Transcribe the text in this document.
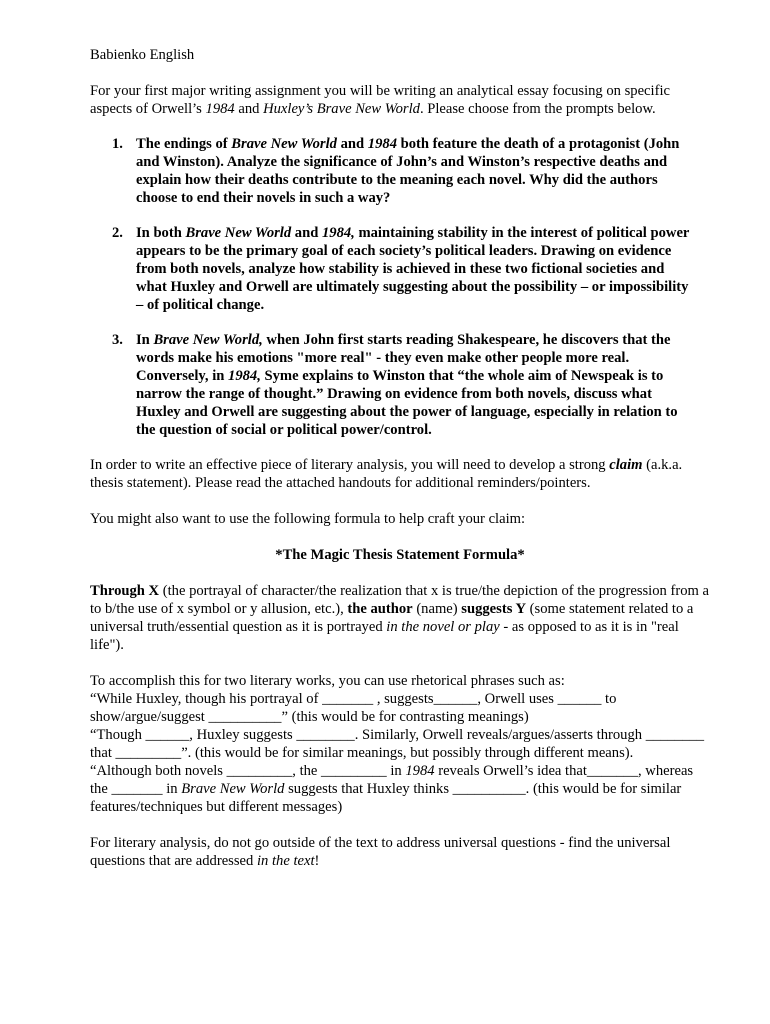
Babienko English

For your first major writing assignment you will be writing an analytical essay focusing on specific aspects of Orwell’s 1984 and Huxley’s Brave New World. Please choose from the prompts below.

1. The endings of Brave New World and 1984 both feature the death of a protagonist (John and Winston). Analyze the significance of John’s and Winston’s respective deaths and explain how their deaths contribute to the meaning each novel. Why did the authors choose to end their novels in such a way?
2. In both Brave New World and 1984, maintaining stability in the interest of political power appears to be the primary goal of each society’s political leaders. Drawing on evidence from both novels, analyze how stability is achieved in these two fictional societies and what Huxley and Orwell are ultimately suggesting about the possibility – or impossibility – of political change.
3. In Brave New World, when John first starts reading Shakespeare, he discovers that the words make his emotions "more real" - they even make other people more real. Conversely, in 1984, Syme explains to Winston that “the whole aim of Newspeak is to narrow the range of thought.” Drawing on evidence from both novels, discuss what Huxley and Orwell are suggesting about the power of language, especially in relation to the question of social or political power/control.

In order to write an effective piece of literary analysis, you will need to develop a strong claim (a.k.a. thesis statement). Please read the attached handouts for additional reminders/pointers.

You might also want to use the following formula to help craft your claim:

*The Magic Thesis Statement Formula*

Through X (the portrayal of character/the realization that x is true/the depiction of the progression from a to b/the use of x symbol or y allusion, etc.), the author (name) suggests Y (some statement related to a universal truth/essential question as it is portrayed in the novel or play - as opposed to as it is in "real life").

To accomplish this for two literary works, you can use rhetorical phrases such as:
“While Huxley, though his portrayal of _______ , suggests______, Orwell uses ______ to show/argue/suggest __________” (this would be for contrasting meanings)
“Though ______, Huxley suggests ________. Similarly, Orwell reveals/argues/asserts through ________ that _________”. (this would be for similar meanings, but possibly through different means).
“Although both novels _________, the _________ in 1984 reveals Orwell’s idea that_______, whereas the _______ in Brave New World suggests that Huxley thinks __________. (this would be for similar features/techniques but different messages)

For literary analysis, do not go outside of the text to address universal questions - find the universal questions that are addressed in the text!
